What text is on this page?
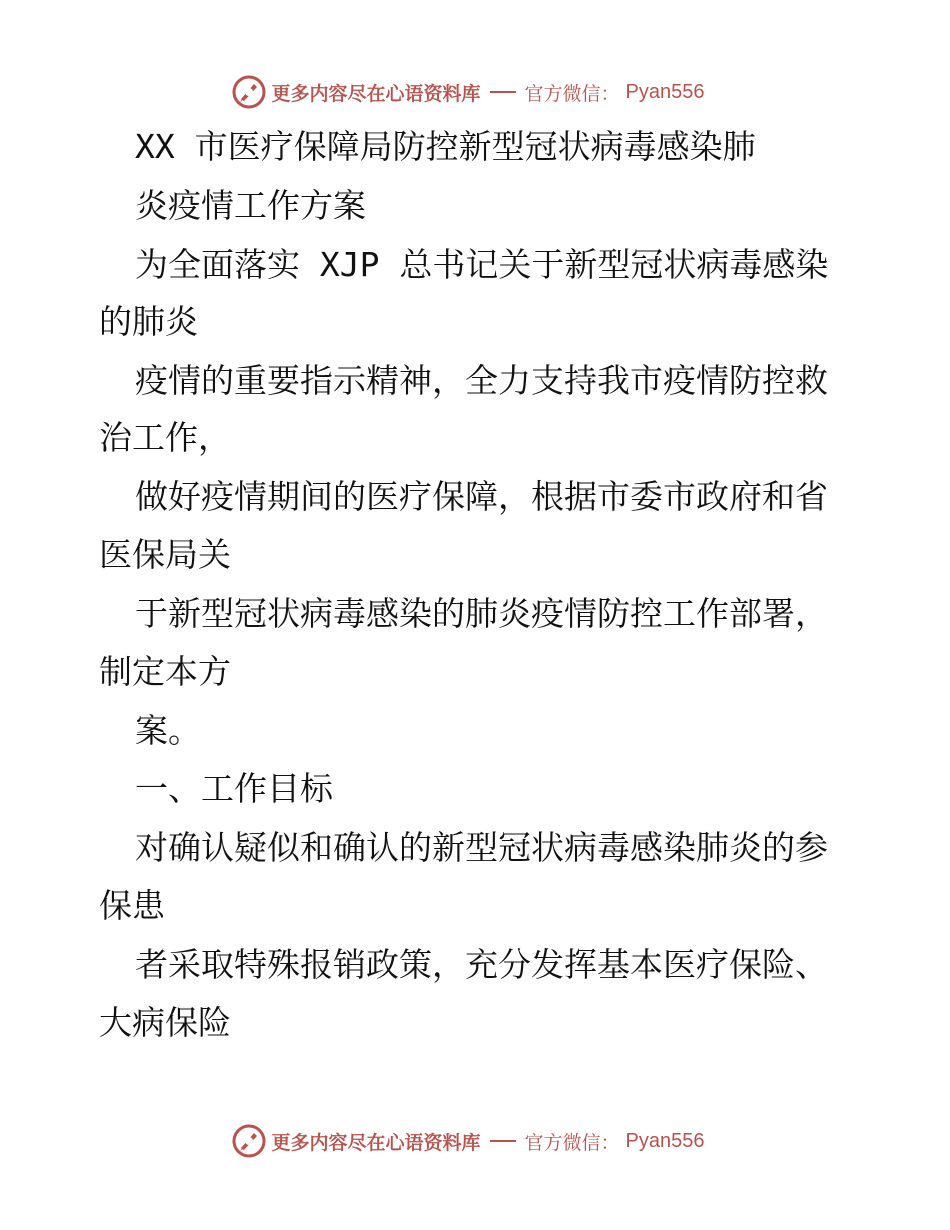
更多内容尽在心语资料库 官方微信： Pyan556
XX 市医疗保障局防控新型冠状病毒感染肺
炎疫情工作方案
为全面落实 XJP 总书记关于新型冠状病毒感染
的肺炎
疫情的重要指示精神，全力支持我市疫情防控救
治工作，
做好疫情期间的医疗保障，根据市委市政府和省
医保局关
于新型冠状病毒感染的肺炎疫情防控工作部署，
制定本方
案。
一、工作目标
对确认疑似和确认的新型冠状病毒感染肺炎的参
保患
者采取特殊报销政策，充分发挥基本医疗保险、
大病保险
更多内容尽在心语资料库 官方微信： Pyan556
